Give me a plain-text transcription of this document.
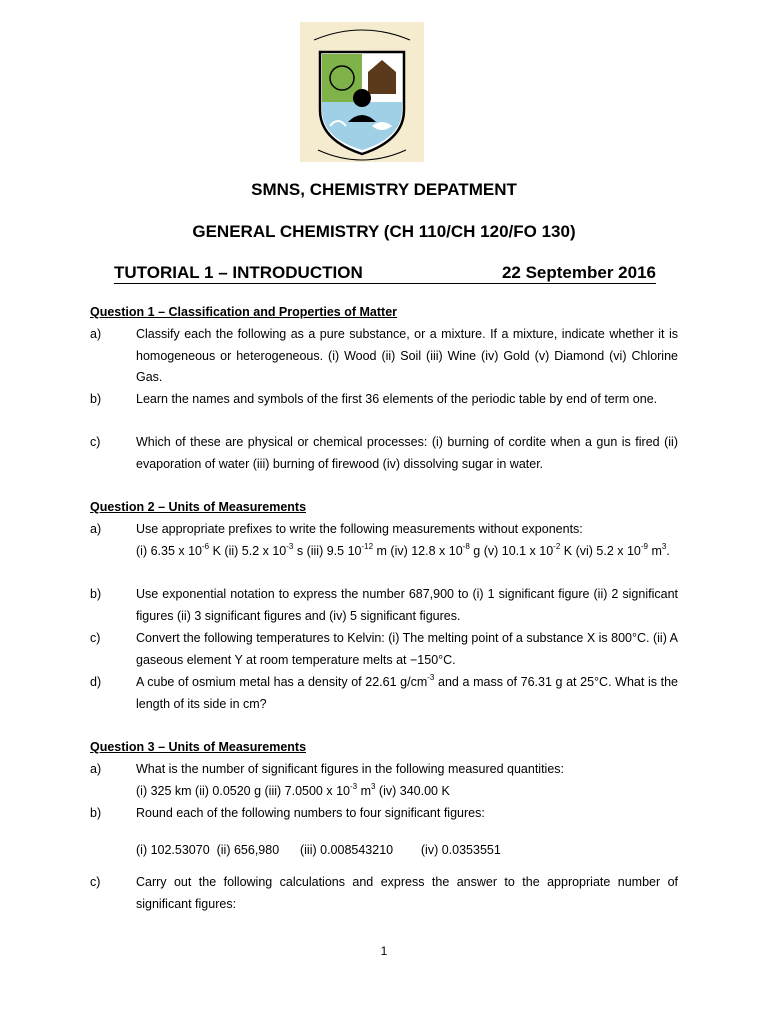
SMNS, CHEMISTRY DEPATMENT
GENERAL CHEMISTRY (CH 110/CH 120/FO 130)
TUTORIAL 1 – INTRODUCTION	22 September 2016
Question 1 – Classification and Properties of Matter
a)	Classify each the following as a pure substance, or a mixture. If a mixture, indicate whether it is homogeneous or heterogeneous. (i) Wood (ii) Soil (iii) Wine (iv) Gold (v) Diamond (vi) Chlorine Gas.
b)	Learn the names and symbols of the first 36 elements of the periodic table by end of term one.
c)	Which of these are physical or chemical processes: (i) burning of cordite when a gun is fired (ii) evaporation of water (iii) burning of firewood (iv) dissolving sugar in water.
Question 2 – Units of Measurements
a)	Use appropriate prefixes to write the following measurements without exponents:
(i) 6.35 x $10^{-6}$ K (ii) 5.2 x $10^{-3}$ s (iii) 9.5 $10^{-12}$ m (iv) 12.8 x $10^{-8}$ g (v) 10.1 x $10^{-2}$ K (vi) 5.2 x $10^{-9}$ $m^3$.
b)	Use exponential notation to express the number 687,900 to (i) 1 significant figure (ii) 2 significant figures (ii) 3 significant figures and (iv) 5 significant figures.
c)	Convert the following temperatures to Kelvin: (i) The melting point of a substance X is 800°C. (ii) A gaseous element Y at room temperature melts at −150°C.
d)	A cube of osmium metal has a density of 22.61 $g/cm^{-3}$ and a mass of 76.31 g at 25°C. What is the length of its side in cm?
Question 3 – Units of Measurements
a)	What is the number of significant figures in the following measured quantities:
(i) 325 km (ii) 0.0520 g (iii) 7.0500 x $10^{-3}$ $m^3$ (iv) 340.00 K
b)	Round each of the following numbers to four significant figures:
(i) 102.53070  (ii) 656,980      (iii) 0.008543210        (iv) 0.0353551
c)	Carry out the following calculations and express the answer to the appropriate number of significant figures:
1
